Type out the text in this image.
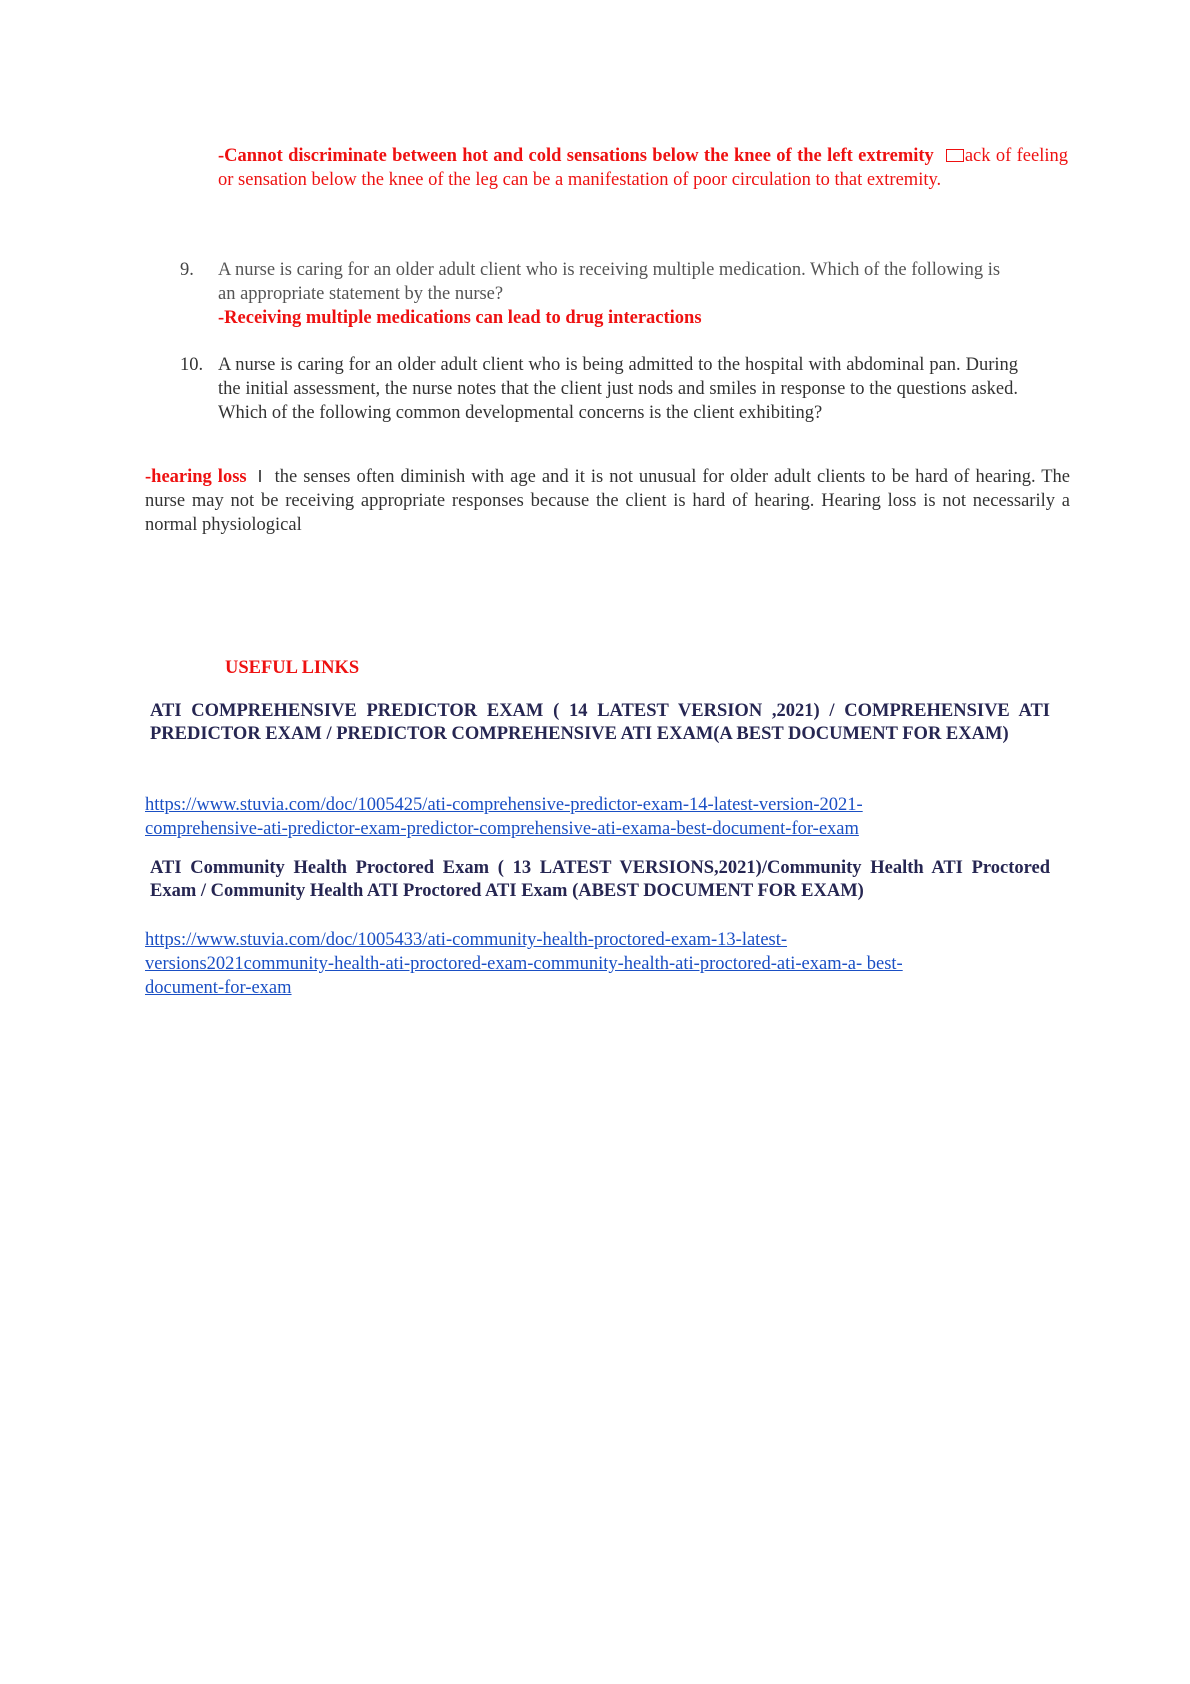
-Cannot discriminate between hot and cold sensations below the knee of the left extremity ack of feeling or sensation below the knee of the leg can be a manifestation of poor circulation to that extremity.
9. A nurse is caring for an older adult client who is receiving multiple medication. Which of the following is an appropriate statement by the nurse?
-Receiving multiple medications can lead to drug interactions
10. A nurse is caring for an older adult client who is being admitted to the hospital with abdominal pan. During the initial assessment, the nurse notes that the client just nods and smiles in response to the questions asked. Which of the following common developmental concerns is the client exhibiting?
-hearing loss the senses often diminish with age and it is not unusual for older adult clients to be hard of hearing. The nurse may not be receiving appropriate responses because the client is hard of hearing. Hearing loss is not necessarily a normal physiological
USEFUL LINKS
ATI COMPREHENSIVE PREDICTOR EXAM ( 14 LATEST VERSION ,2021) / COMPREHENSIVE ATI PREDICTOR EXAM / PREDICTOR COMPREHENSIVE ATI EXAM(A BEST DOCUMENT FOR EXAM)
https://www.stuvia.com/doc/1005425/ati-comprehensive-predictor-exam-14-latest-version-2021-
comprehensive-ati-predictor-exam-predictor-comprehensive-ati-exama-best-document-for-exam
ATI Community Health Proctored Exam ( 13 LATEST VERSIONS,2021)/Community Health ATI Proctored Exam / Community Health ATI Proctored ATI Exam (ABEST DOCUMENT FOR EXAM)
https://www.stuvia.com/doc/1005433/ati-community-health-proctored-exam-13-latest-
versions2021community-health-ati-proctored-exam-community-health-ati-proctored-ati-exam-a- best-
document-for-exam
